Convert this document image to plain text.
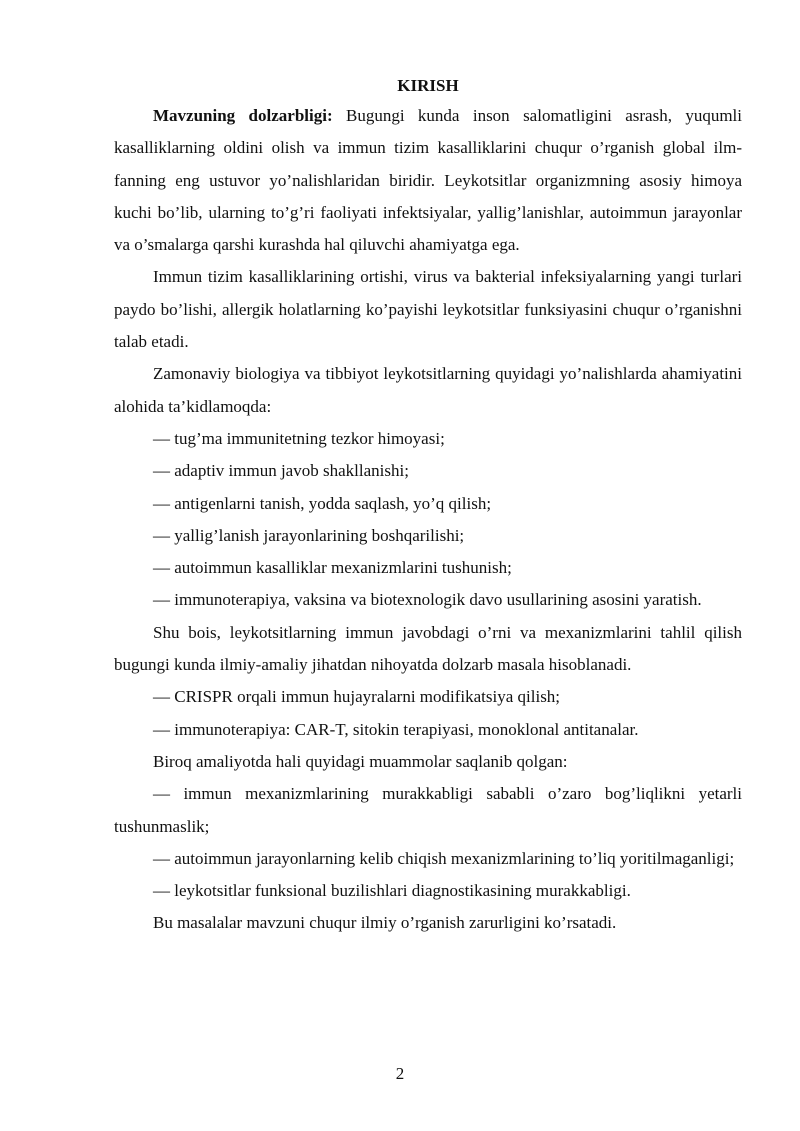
KIRISH

Mavzuning dolzarbligi: Bugungi kunda inson salomatligini asrash, yuqumli kasalliklarning oldini olish va immun tizim kasalliklarini chuqur o’rganish global ilm-fanning eng ustuvor yo’nalishlaridan biridir. Leykotsitlar organizmning asosiy himoya kuchi bo’lib, ularning to’g’ri faoliyati infektsiyalar, yallig’lanishlar, autoimmun jarayonlar va o’smalarga qarshi kurashda hal qiluvchi ahamiyatga ega.

Immun tizim kasalliklarining ortishi, virus va bakterial infeksiyalarning yangi turlari paydo bo’lishi, allergik holatlarning ko’payishi leykotsitlar funksiyasini chuqur o’rganishni talab etadi.

Zamonaviy biologiya va tibbiyot leykotsitlarning quyidagi yo’nalishlarda ahamiyatini alohida ta’kidlamoqda:

— tug’ma immunitetning tezkor himoyasi;

— adaptiv immun javob shakllanishi;

— antigenlarni tanish, yodda saqlash, yo’q qilish;

— yallig’lanish jarayonlarining boshqarilishi;

— autoimmun kasalliklar mexanizmlarini tushunish;

— immunoterapiya, vaksina va biotexnologik davo usullarining asosini yaratish.

Shu bois, leykotsitlarning immun javobdagi o’rni va mexanizmlarini tahlil qilish bugungi kunda ilmiy-amaliy jihatdan nihoyatda dolzarb masala hisoblanadi.

— CRISPR orqali immun hujayralarni modifikatsiya qilish;

— immunoterapiya: CAR-T, sitokin terapiyasi, monoklonal antitanalar.

Biroq amaliyotda hali quyidagi muammolar saqlanib qolgan:

— immun mexanizmlarining murakkabligi sababli o’zaro bog’liqlikni yetarli tushunmaslik;

— autoimmun jarayonlarning kelib chiqish mexanizmlarining to’liq yoritilmaganligi;

— leykotsitlar funksional buzilishlari diagnostikasining murakkabligi.

Bu masalalar mavzuni chuqur ilmiy o’rganish zarurligini ko’rsatadi.

2
